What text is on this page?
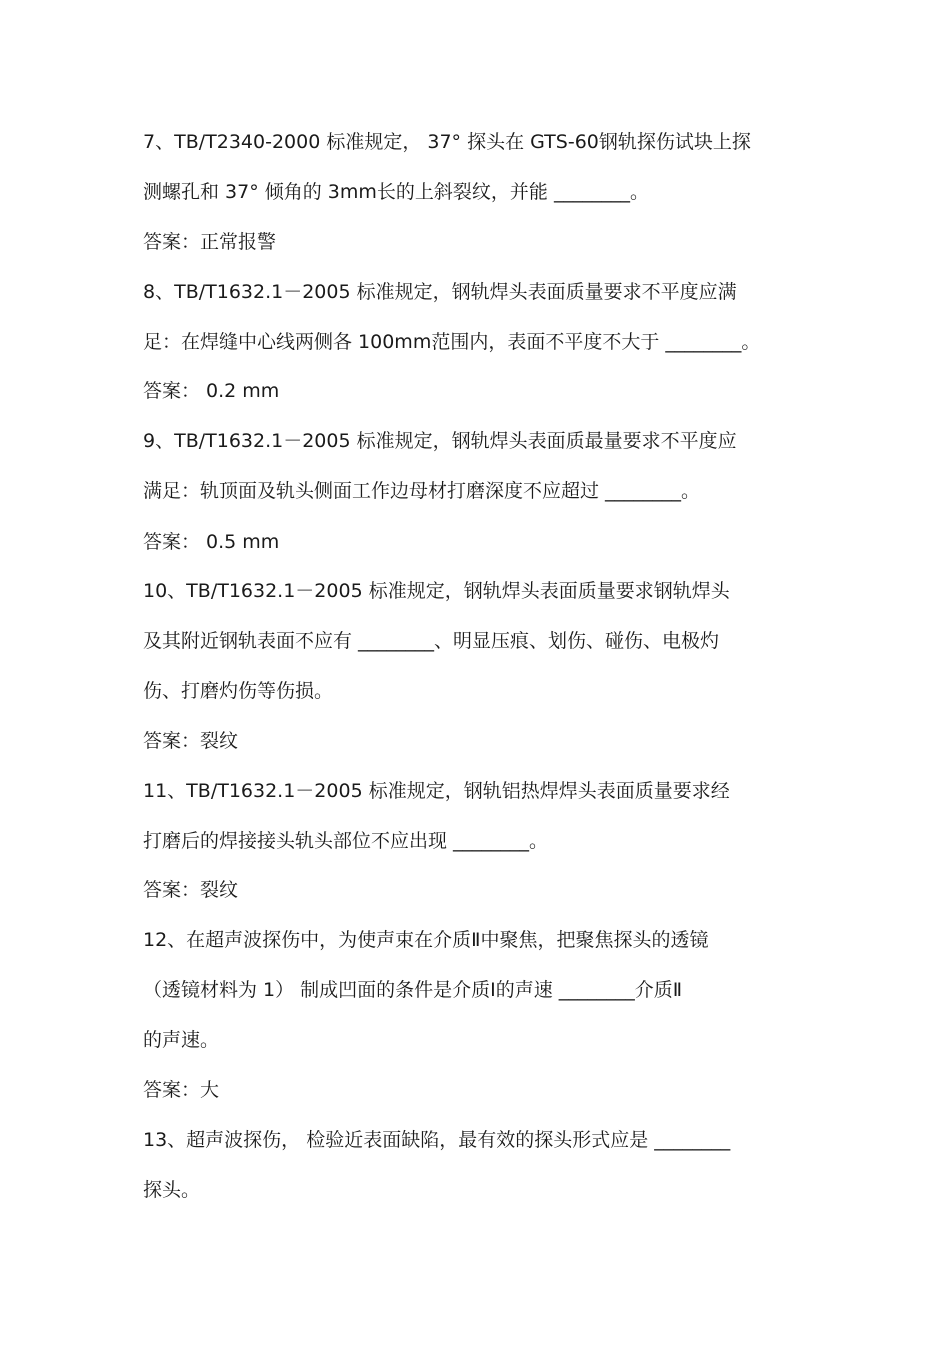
7、TB/T2340-2000 标准规定， 37° 探头在 GTS-60钢轨探伤试块上探
测螺孔和 37° 倾角的 3mm长的上斜裂纹，并能 ________。
答案：正常报警
8、TB/T1632.1－2005 标准规定，钢轨焊头表面质量要求不平度应满
足：在焊缝中心线两侧各 100mm范围内，表面不平度不大于 ________。
答案： 0.2 mm
9、TB/T1632.1－2005 标准规定，钢轨焊头表面质最量要求不平度应
满足：轨顶面及轨头侧面工作边母材打磨深度不应超过 ________。
答案： 0.5 mm
10、TB/T1632.1－2005 标准规定，钢轨焊头表面质量要求钢轨焊头
及其附近钢轨表面不应有 ________、明显压痕、划伤、碰伤、电极灼
伤、打磨灼伤等伤损。
答案：裂纹
11、TB/T1632.1－2005 标准规定，钢轨铝热焊焊头表面质量要求经
打磨后的焊接接头轨头部位不应出现 ________。
答案：裂纹
12、在超声波探伤中，为使声束在介质Ⅱ中聚焦，把聚焦探头的透镜
（透镜材料为 1） 制成凹面的条件是介质Ⅰ的声速 ________介质Ⅱ
的声速。
答案：大
13、超声波探伤， 检验近表面缺陷，最有效的探头形式应是 ________
探头。
